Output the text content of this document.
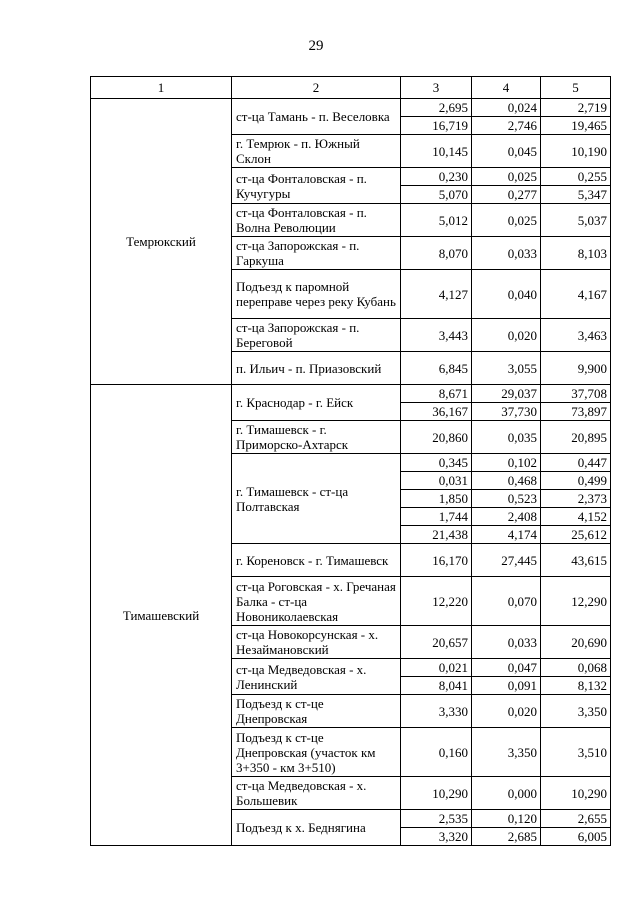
29
1	2	3	4	5
Темрюкский	ст-ца Тамань - п. Веселовка	2,695	0,024	2,719
		16,719	2,746	19,465
	г. Темрюк - п. Южный Склон	10,145	0,045	10,190
	ст-ца Фонталовская - п. Кучугуры	0,230	0,025	0,255
		5,070	0,277	5,347
	ст-ца Фонталовская - п. Волна Революции	5,012	0,025	5,037
	ст-ца Запорожская - п. Гаркуша	8,070	0,033	8,103
	Подъезд к паромной переправе через реку Кубань	4,127	0,040	4,167
	ст-ца Запорожская - п. Береговой	3,443	0,020	3,463
	п. Ильич - п. Приазовский	6,845	3,055	9,900
Тимашевский	г. Краснодар - г. Ейск	8,671	29,037	37,708
		36,167	37,730	73,897
	г. Тимашевск - г. Приморско-Ахтарск	20,860	0,035	20,895
	г. Тимашевск - ст-ца Полтавская	0,345	0,102	0,447
		0,031	0,468	0,499
		1,850	0,523	2,373
		1,744	2,408	4,152
		21,438	4,174	25,612
	г. Кореновск - г. Тимашевск	16,170	27,445	43,615
	ст-ца Роговская - х. Гречаная Балка - ст-ца Новониколаевская	12,220	0,070	12,290
	ст-ца Новокорсунская - х. Незаймановский	20,657	0,033	20,690
	ст-ца Медведовская - х. Ленинский	0,021	0,047	0,068
		8,041	0,091	8,132
	Подъезд к ст-це Днепровская	3,330	0,020	3,350
	Подъезд к ст-це Днепровская (участок км 3+350 - км 3+510)	0,160	3,350	3,510
	ст-ца Медведовская - х. Большевик	10,290	0,000	10,290
	Подъезд к х. Беднягина	2,535	0,120	2,655
		3,320	2,685	6,005
